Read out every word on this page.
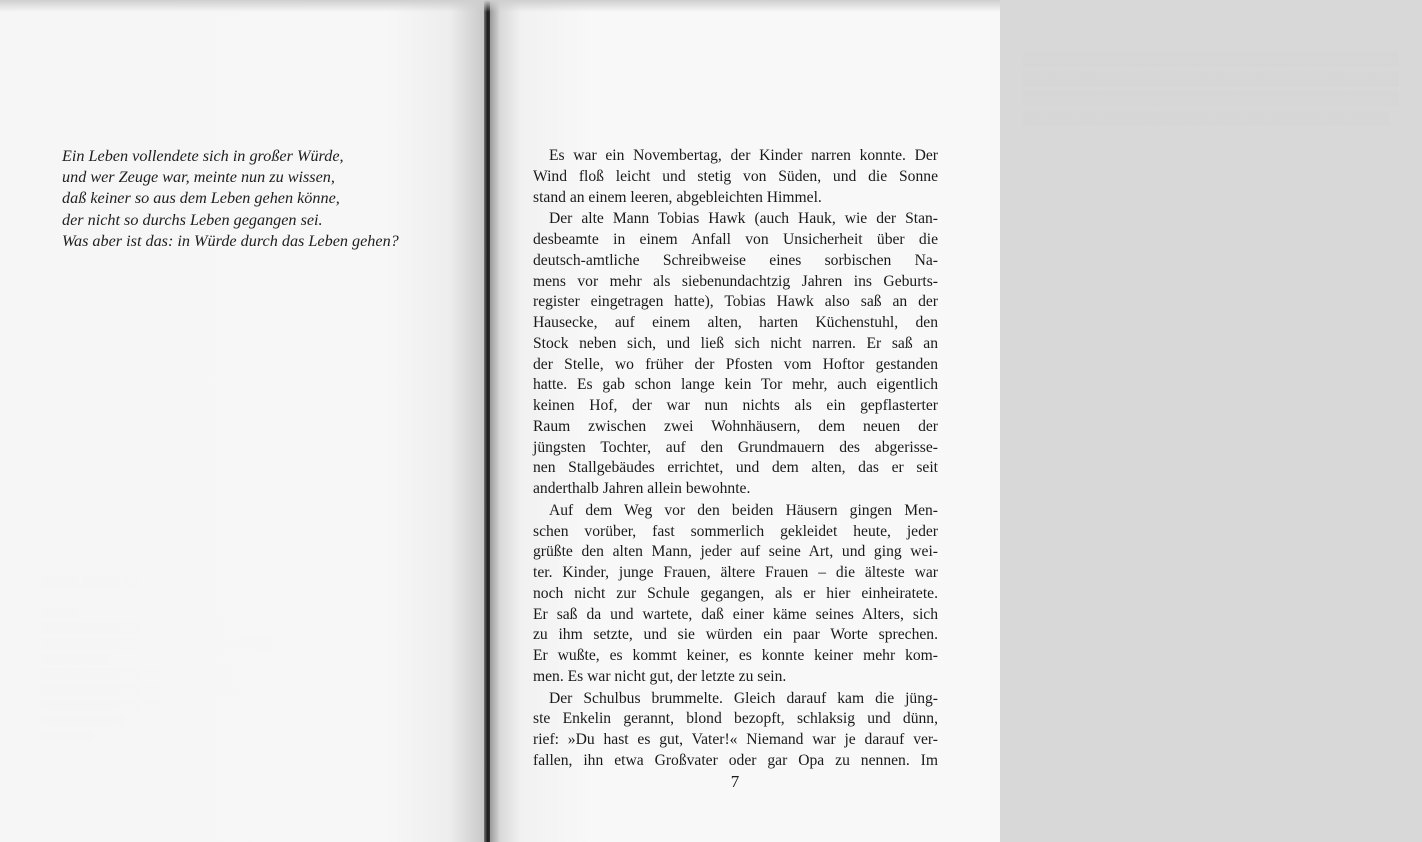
░░░░░ ░░░░░ ░░

░░░░░
░░░░░░░░░░░░░ ░░░░░░ ░░░░
░░░░░░░░░░░░░░░░ ░░░░░░ ░░░░░░░
░░░░░░░░░
░░░░░░░░░░░░░ ░░░░░░░░░░░
░░░░░░░░░░░░░ ░░░░░░░░░░░░
░░░░░░░░░░░░░ ░░░░░░░
░░░░░░░░░░░
░░░░░░░
Ein Leben vollendete sich in großer Würde,
und wer Zeuge war, meinte nun zu wissen,
daß keiner so aus dem Leben gehen könne,
der nicht so durchs Leben gegangen sei.
Was aber ist das: in Würde durch das Leben gehen?
░░░░░░░░░░░░░░░░░░░░░░░░░░░░░░░░░░░░░░
░░░░░░░░░░░░░░░░░░░░░░░░░░░░░░░░░░░░░░
░░░░░░░░░░░░░░░░░░░░░░░░░░░░░░░░░░░░░░
░░░░░░░░░░░░░░░░░░░░░░░░░░░░░░░░░░░░░
Es war ein Novembertag, der Kinder narren konnte. Der
Wind floß leicht und stetig von Süden, und die Sonne
stand an einem leeren, abgebleichten Himmel.
Der alte Mann Tobias Hawk (auch Hauk, wie der Stan-
desbeamte in einem Anfall von Unsicherheit über die
deutsch-amtliche Schreibweise eines sorbischen Na-
mens vor mehr als siebenundachtzig Jahren ins Geburts-
register eingetragen hatte), Tobias Hawk also saß an der
Hausecke, auf einem alten, harten Küchenstuhl, den
Stock neben sich, und ließ sich nicht narren. Er saß an
der Stelle, wo früher der Pfosten vom Hoftor gestanden
hatte. Es gab schon lange kein Tor mehr, auch eigentlich
keinen Hof, der war nun nichts als ein gepflasterter
Raum zwischen zwei Wohnhäusern, dem neuen der
jüngsten Tochter, auf den Grundmauern des abgerisse-
nen Stallgebäudes errichtet, und dem alten, das er seit
anderthalb Jahren allein bewohnte.
Auf dem Weg vor den beiden Häusern gingen Men-
schen vorüber, fast sommerlich gekleidet heute, jeder
grüßte den alten Mann, jeder auf seine Art, und ging wei-
ter. Kinder, junge Frauen, ältere Frauen – die älteste war
noch nicht zur Schule gegangen, als er hier einheiratete.
Er saß da und wartete, daß einer käme seines Alters, sich
zu ihm setzte, und sie würden ein paar Worte sprechen.
Er wußte, es kommt keiner, es konnte keiner mehr kom-
men. Es war nicht gut, der letzte zu sein.
Der Schulbus brummelte. Gleich darauf kam die jüng-
ste Enkelin gerannt, blond bezopft, schlaksig und dünn,
rief: »Du hast es gut, Vater!« Niemand war je darauf ver-
fallen, ihn etwa Großvater oder gar Opa zu nennen. Im
7
